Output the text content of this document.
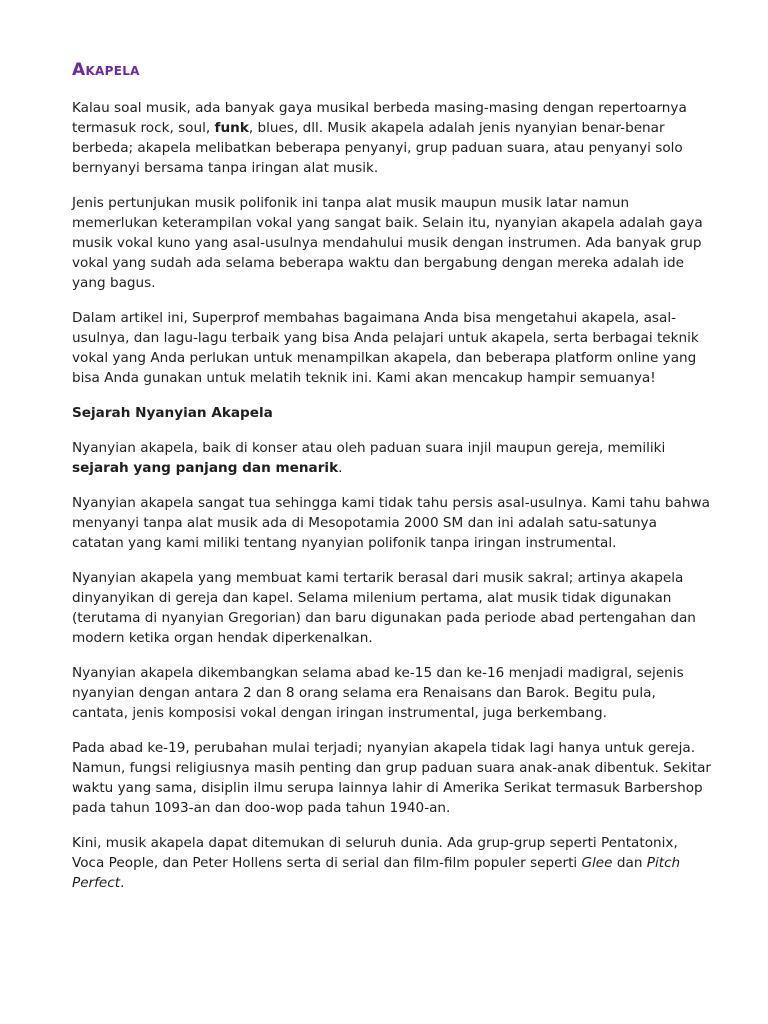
Akapela

Kalau soal musik, ada banyak gaya musikal berbeda masing-masing dengan repertoarnya termasuk rock, soul, funk, blues, dll. Musik akapela adalah jenis nyanyian benar-benar berbeda; akapela melibatkan beberapa penyanyi, grup paduan suara, atau penyanyi solo bernyanyi bersama tanpa iringan alat musik.

Jenis pertunjukan musik polifonik ini tanpa alat musik maupun musik latar namun memerlukan keterampilan vokal yang sangat baik. Selain itu, nyanyian akapela adalah gaya musik vokal kuno yang asal-usulnya mendahului musik dengan instrumen. Ada banyak grup vokal yang sudah ada selama beberapa waktu dan bergabung dengan mereka adalah ide yang bagus.

Dalam artikel ini, Superprof membahas bagaimana Anda bisa mengetahui akapela, asal-usulnya, dan lagu-lagu terbaik yang bisa Anda pelajari untuk akapela, serta berbagai teknik vokal yang Anda perlukan untuk menampilkan akapela, dan beberapa platform online yang bisa Anda gunakan untuk melatih teknik ini. Kami akan mencakup hampir semuanya!

Sejarah Nyanyian Akapela

Nyanyian akapela, baik di konser atau oleh paduan suara injil maupun gereja, memiliki sejarah yang panjang dan menarik.

Nyanyian akapela sangat tua sehingga kami tidak tahu persis asal-usulnya. Kami tahu bahwa menyanyi tanpa alat musik ada di Mesopotamia 2000 SM dan ini adalah satu-satunya catatan yang kami miliki tentang nyanyian polifonik tanpa iringan instrumental.

Nyanyian akapela yang membuat kami tertarik berasal dari musik sakral; artinya akapela dinyanyikan di gereja dan kapel. Selama milenium pertama, alat musik tidak digunakan (terutama di nyanyian Gregorian) dan baru digunakan pada periode abad pertengahan dan modern ketika organ hendak diperkenalkan.

Nyanyian akapela dikembangkan selama abad ke-15 dan ke-16 menjadi madigral, sejenis nyanyian dengan antara 2 dan 8 orang selama era Renaisans dan Barok. Begitu pula, cantata, jenis komposisi vokal dengan iringan instrumental, juga berkembang.

Pada abad ke-19, perubahan mulai terjadi; nyanyian akapela tidak lagi hanya untuk gereja. Namun, fungsi religiusnya masih penting dan grup paduan suara anak-anak dibentuk. Sekitar waktu yang sama, disiplin ilmu serupa lainnya lahir di Amerika Serikat termasuk Barbershop pada tahun 1093-an dan doo-wop pada tahun 1940-an.

Kini, musik akapela dapat ditemukan di seluruh dunia. Ada grup-grup seperti Pentatonix, Voca People, dan Peter Hollens serta di serial dan film-film populer seperti Glee dan Pitch Perfect.
